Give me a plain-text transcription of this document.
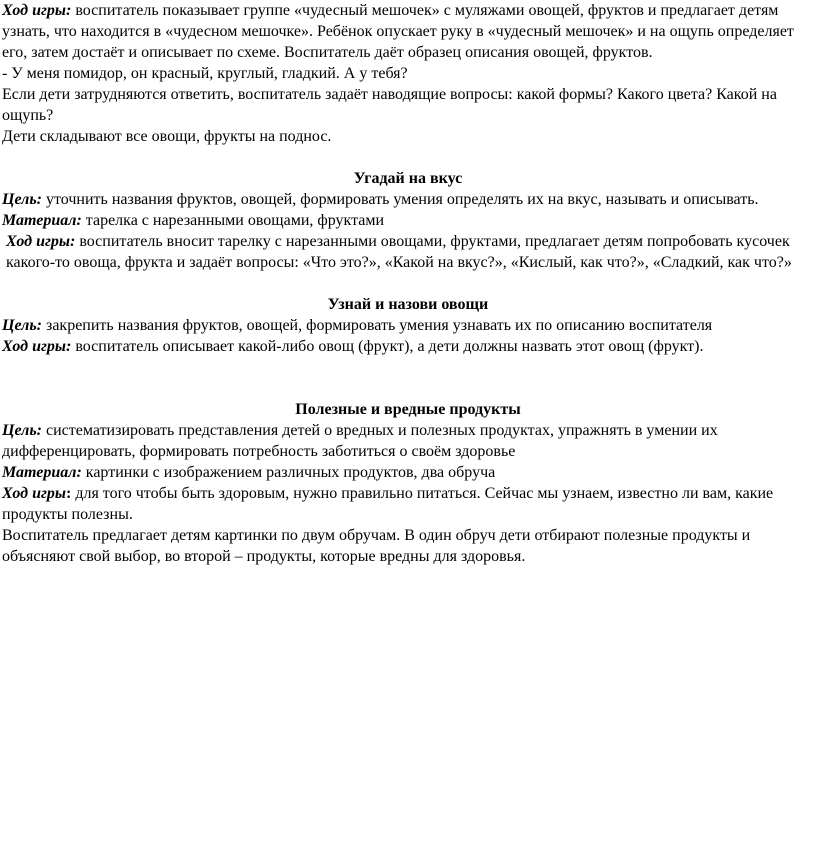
Ход игры: воспитатель показывает группе «чудесный мешочек» с муляжами овощей, фруктов и предлагает детям узнать, что находится в «чудесном мешочке». Ребёнок опускает руку в «чудесный мешочек» и на ощупь определяет его, затем достаёт и описывает по схеме. Воспитатель даёт образец описания овощей, фруктов.

- У меня помидор, он красный, круглый, гладкий. А у тебя?

Если дети затрудняются ответить, воспитатель задаёт наводящие вопросы: какой формы? Какого цвета? Какой на ощупь?

Дети складывают все овощи, фрукты на поднос.

Угадай на вкус

Цель: уточнить названия фруктов, овощей, формировать умения определять их на вкус, называть и описывать.

Материал: тарелка с нарезанными овощами, фруктами

Ход игры: воспитатель вносит тарелку с нарезанными овощами, фруктами, предлагает детям попробовать кусочек какого-то овоща, фрукта и задаёт вопросы: «Что это?», «Какой на вкус?», «Кислый, как что?», «Сладкий, как что?»

Узнай и назови овощи

Цель: закрепить названия фруктов, овощей, формировать умения узнавать их по описанию воспитателя

Ход игры: воспитатель описывает какой-либо овощ (фрукт), а дети должны назвать этот овощ (фрукт).

Полезные и вредные продукты

Цель: систематизировать представления детей о вредных и полезных продуктах, упражнять в умении их дифференцировать, формировать потребность заботиться о своём здоровье

Материал: картинки с изображением различных продуктов, два обруча

Ход игры: для того чтобы быть здоровым, нужно правильно питаться. Сейчас мы узнаем, известно ли вам, какие продукты полезны.

Воспитатель предлагает детям картинки по двум обручам. В один обруч дети отбирают полезные продукты и объясняют свой выбор, во второй – продукты, которые вредны для здоровья.
